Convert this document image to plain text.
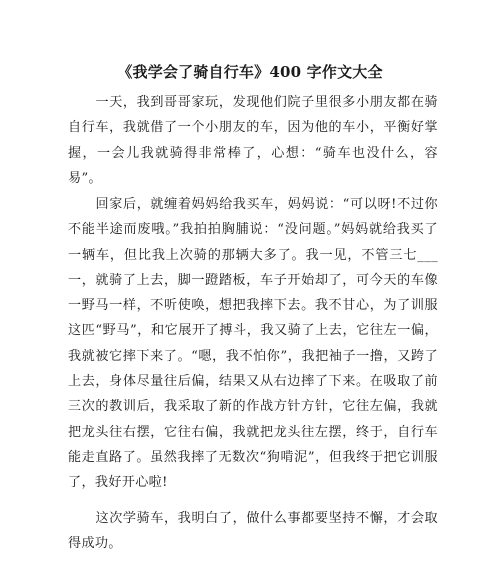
《我学会了骑自行车》400 字作文大全

一天，我到哥哥家玩，发现他们院子里很多小朋友都在骑自行车，我就借了一个小朋友的车，因为他的车小，平衡好掌握，一会儿我就骑得非常棒了，心想：“骑车也没什么，容易”。

回家后，就缠着妈妈给我买车，妈妈说：“可以呀!不过你不能半途而废哦。”我拍拍胸脯说：“没问题。”妈妈就给我买了一辆车，但比我上次骑的那辆大多了。我一见，不管三七___一，就骑了上去，脚一蹬踏板，车子开始却了，可今天的车像一野马一样，不听使唤，想把我摔下去。我不甘心，为了训服这匹“野马”，和它展开了搏斗，我又骑了上去，它往左一偏，我就被它摔下来了。“嗯，我不怕你”，我把袖子一撸，又跨了上去，身体尽量往后偏，结果又从右边摔了下来。在吸取了前三次的教训后，我采取了新的作战方针方针，它往左偏，我就把龙头往右摆，它往右偏，我就把龙头往左摆，终于，自行车能走直路了。虽然我摔了无数次“狗啃泥”，但我终于把它训服了，我好开心啦!

这次学骑车，我明白了，做什么事都要坚持不懈，才会取得成功。
